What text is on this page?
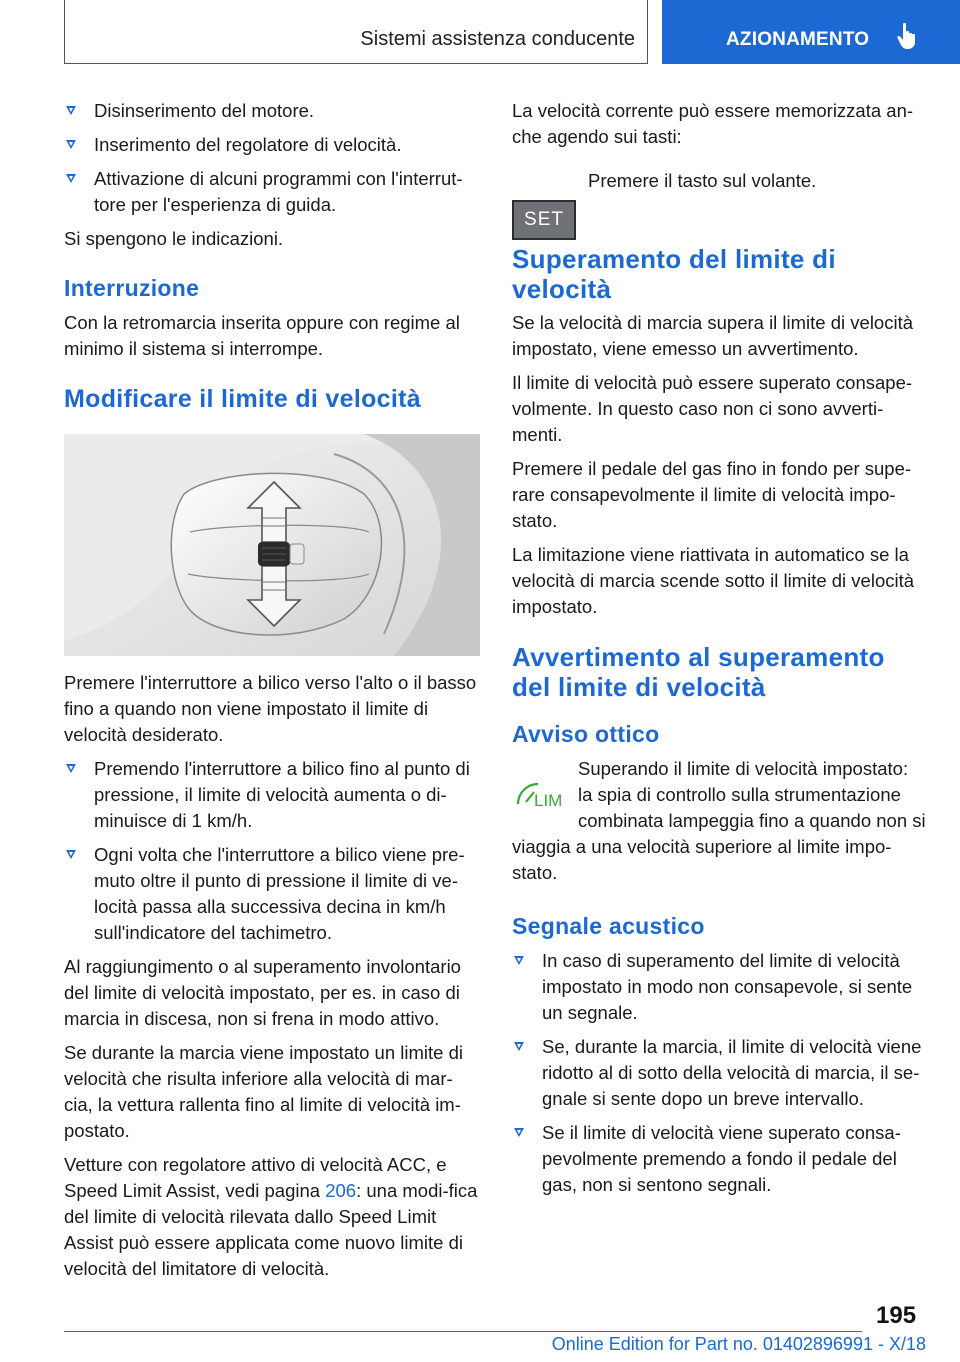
Sistemi assistenza conducente	AZIONAMENTO
Disinserimento del motore.
Inserimento del regolatore di velocità.
Attivazione di alcuni programmi con l'interrut-tore per l'esperienza di guida.

Si spengono le indicazioni.

Interruzione

Con la retromarcia inserita oppure con regime al minimo il sistema si interrompe.

Modificare il limite di velocità

Premere l'interruttore a bilico verso l'alto o il basso fino a quando non viene impostato il limite di velocità desiderato.

Premendo l'interruttore a bilico fino al punto di pressione, il limite di velocità aumenta o di-minuisce di 1 km/h.
Ogni volta che l'interruttore a bilico viene pre-muto oltre il punto di pressione il limite di ve-locità passa alla successiva decina in km/h sull'indicatore del tachimetro.

Al raggiungimento o al superamento involontario del limite di velocità impostato, per es. in caso di marcia in discesa, non si frena in modo attivo.

Se durante la marcia viene impostato un limite di velocità che risulta inferiore alla velocità di mar-cia, la vettura rallenta fino al limite di velocità im-postato.

Vetture con regolatore attivo di velocità ACC, e Speed Limit Assist, vedi pagina 206: una modi-fica del limite di velocità rilevata dallo Speed Limit Assist può essere applicata come nuovo limite di velocità del limitatore di velocità.

La velocità corrente può essere memorizzata an-che agendo sui tasti:

SET

Premere il tasto sul volante.

Superamento del limite di velocità

Se la velocità di marcia supera il limite di velocità impostato, viene emesso un avvertimento.

Il limite di velocità può essere superato consape-volmente. In questo caso non ci sono avverti-menti.

Premere il pedale del gas fino in fondo per supe-rare consapevolmente il limite di velocità impo-stato.

La limitazione viene riattivata in automatico se la velocità di marcia scende sotto il limite di velocità impostato.

Avvertimento al superamento del limite di velocità
Avviso ottico
LIM

Superando il limite di velocità impostato: la spia di controllo sulla strumentazione combinata lampeggia fino a quando non si viaggia a una velocità superiore al limite impo-stato.

Segnale acustico
In caso di superamento del limite di velocità impostato in modo non consapevole, si sente un segnale.
Se, durante la marcia, il limite di velocità viene ridotto al di sotto della velocità di marcia, il se-gnale si sente dopo un breve intervallo.
Se il limite di velocità viene superato consa-pevolmente premendo a fondo il pedale del gas, non si sentono segnali.
195
Online Edition for Part no. 01402896991 - X/18
